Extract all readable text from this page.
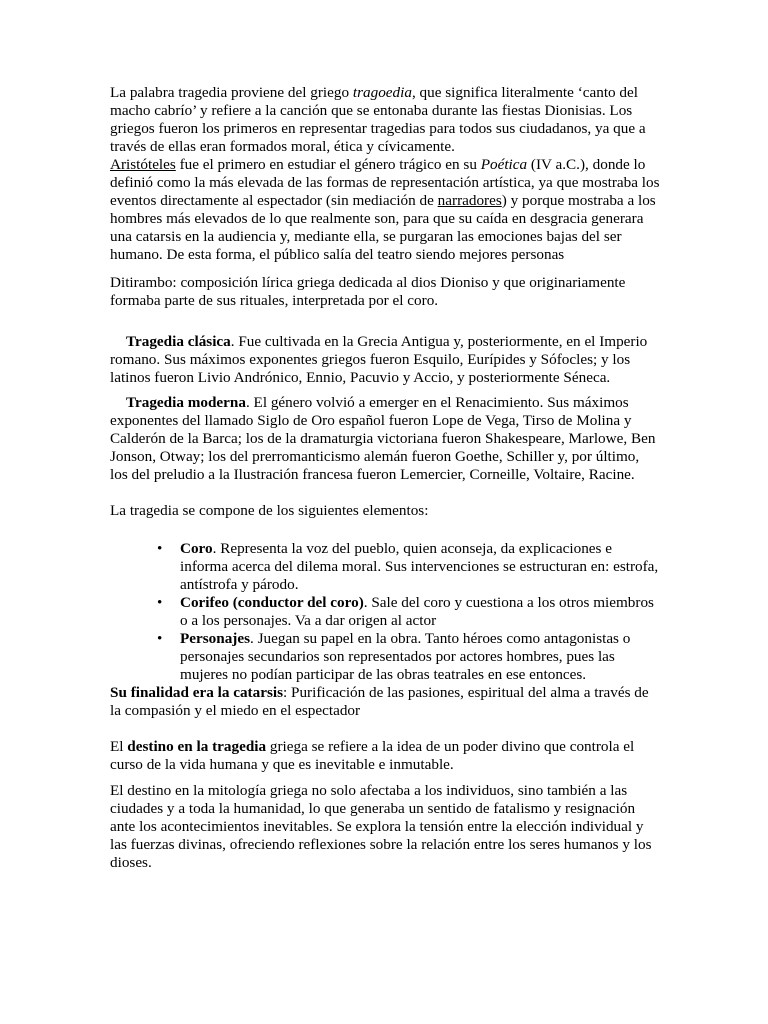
La palabra tragedia proviene del griego tragoedia, que significa literalmente ‘canto del macho cabrío’ y refiere a la canción que se entonaba durante las fiestas Dionisias. Los griegos fueron los primeros en representar tragedias para todos sus ciudadanos, ya que a través de ellas eran formados moral, ética y cívicamente.
Aristóteles fue el primero en estudiar el género trágico en su Poética (IV a.C.), donde lo definió como la más elevada de las formas de representación artística, ya que mostraba los eventos directamente al espectador (sin mediación de narradores) y porque mostraba a los hombres más elevados de lo que realmente son, para que su caída en desgracia generara una catarsis en la audiencia y, mediante ella, se purgaran las emociones bajas del ser humano. De esta forma, el público salía del teatro siendo mejores personas

Ditirambo: composición lírica griega dedicada al dios Dioniso y que originariamente formaba parte de sus rituales, interpretada por el coro.

Tragedia clásica. Fue cultivada en la Grecia Antigua y, posteriormente, en el Imperio romano. Sus máximos exponentes griegos fueron Esquilo, Eurípides y Sófocles; y los latinos fueron Livio Andrónico, Ennio, Pacuvio y Accio, y posteriormente Séneca.

Tragedia moderna. El género volvió a emerger en el Renacimiento. Sus máximos exponentes del llamado Siglo de Oro español fueron Lope de Vega, Tirso de Molina y Calderón de la Barca; los de la dramaturgia victoriana fueron Shakespeare, Marlowe, Ben Jonson, Otway; los del prerromanticismo alemán fueron Goethe, Schiller y, por último, los del preludio a la Ilustración francesa fueron Lemercier, Corneille, Voltaire, Racine.

La tragedia se compone de los siguientes elementos:

• Coro. Representa la voz del pueblo, quien aconseja, da explicaciones e informa acerca del dilema moral. Sus intervenciones se estructuran en: estrofa, antístrofa y párodo.
• Corifeo (conductor del coro). Sale del coro y cuestiona a los otros miembros o a los personajes. Va a dar origen al actor
• Personajes. Juegan su papel en la obra. Tanto héroes como antagonistas o personajes secundarios son representados por actores hombres, pues las mujeres no podían participar de las obras teatrales en ese entonces.

Su finalidad era la catarsis: Purificación de las pasiones, espiritual del alma a través de la compasión y el miedo en el espectador

El destino en la tragedia griega se refiere a la idea de un poder divino que controla el curso de la vida humana y que es inevitable e inmutable.

El destino en la mitología griega no solo afectaba a los individuos, sino también a las ciudades y a toda la humanidad, lo que generaba un sentido de fatalismo y resignación ante los acontecimientos inevitables. Se explora la tensión entre la elección individual y las fuerzas divinas, ofreciendo reflexiones sobre la relación entre los seres humanos y los dioses.
